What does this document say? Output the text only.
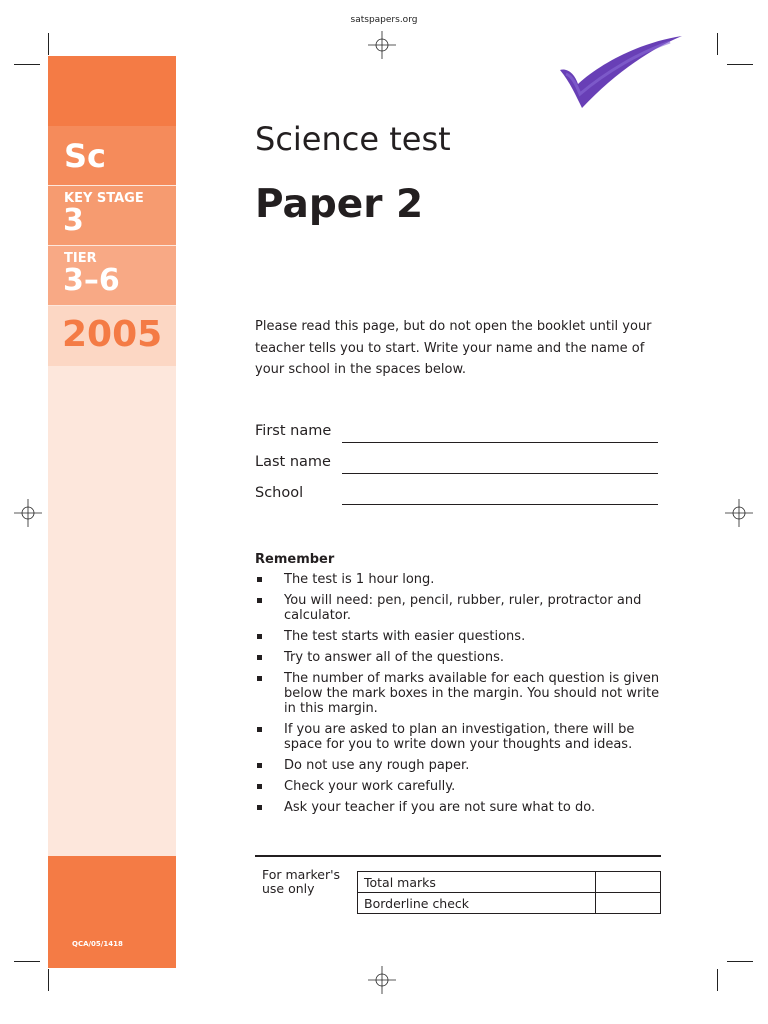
satspapers.org
Sc
KEY STAGE
3
TIER
3–6
2005
QCA/05/1418
Science test
Paper 2
Please read this page, but do not open the booklet until your teacher tells you to start. Write your name and the name of your school in the spaces below.
First name
Last name
School
Remember
The test is 1 hour long.
You will need: pen, pencil, rubber, ruler, protractor and calculator.
The test starts with easier questions.
Try to answer all of the questions.
The number of marks available for each question is given below the mark boxes in the margin. You should not write in this margin.
If you are asked to plan an investigation, there will be space for you to write down your thoughts and ideas.
Do not use any rough paper.
Check your work carefully.
Ask your teacher if you are not sure what to do.
For marker's use only	Total marks	
Borderline check	
